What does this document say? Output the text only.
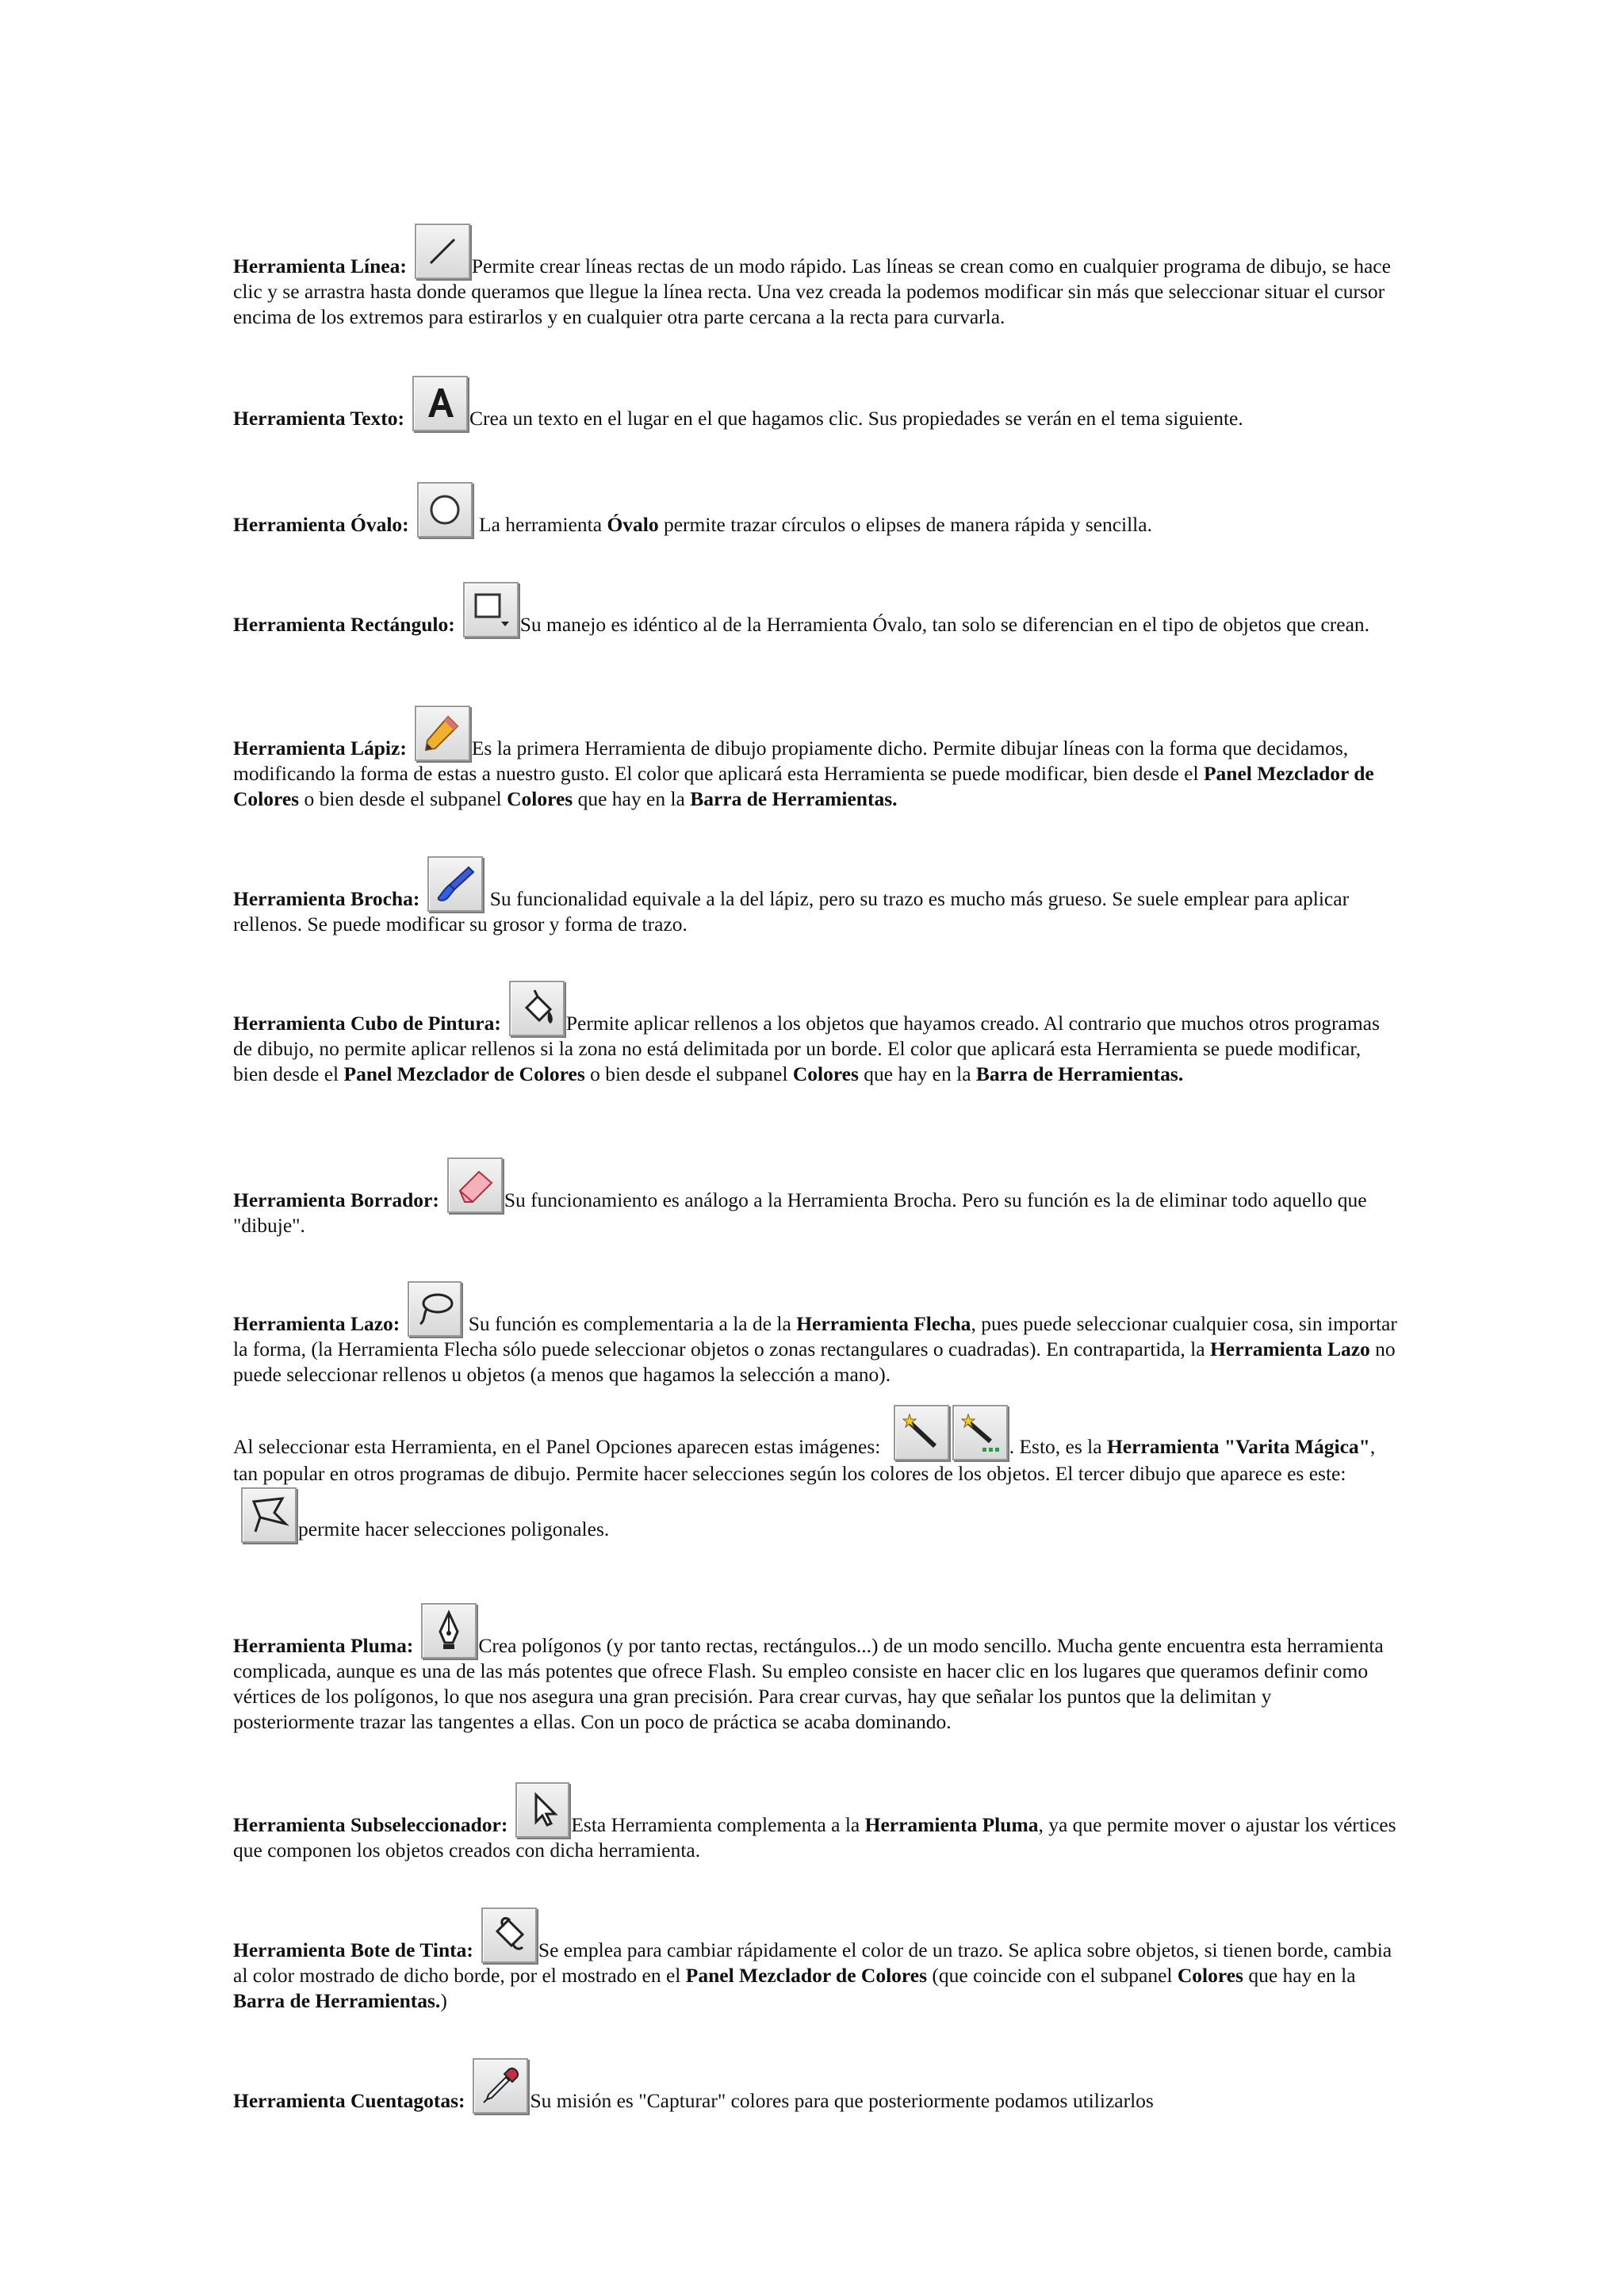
Herramienta Línea:	Permite crear líneas rectas de un modo rápido. Las líneas se crean como en cualquier programa de dibujo, se hace clic y se arrastra hasta donde queramos que llegue la línea recta. Una vez creada la podemos modificar sin más que seleccionar situar el cursor encima de los extremos para estirarlos y en cualquier otra parte cercana a la recta para curvarla.

Herramienta Texto:	Crea un texto en el lugar en el que hagamos clic. Sus propiedades se verán en el tema siguiente.

Herramienta Óvalo:	La herramienta Óvalo permite trazar círculos o elipses de manera rápida y sencilla.

Herramienta Rectángulo:	Su manejo es idéntico al de la Herramienta Óvalo, tan solo se diferencian en el tipo de objetos que crean.

Herramienta Lápiz:	Es la primera Herramienta de dibujo propiamente dicho. Permite dibujar líneas con la forma que decidamos, modificando la forma de estas a nuestro gusto. El color que aplicará esta Herramienta se puede modificar, bien desde el Panel Mezclador de Colores o bien desde el subpanel Colores que hay en la Barra de Herramientas.

Herramienta Brocha:	Su funcionalidad equivale a la del lápiz, pero su trazo es mucho más grueso. Se suele emplear para aplicar rellenos. Se puede modificar su grosor y forma de trazo.

Herramienta Cubo de Pintura:	Permite aplicar rellenos a los objetos que hayamos creado. Al contrario que muchos otros programas de dibujo, no permite aplicar rellenos si la zona no está delimitada por un borde. El color que aplicará esta Herramienta se puede modificar, bien desde el Panel Mezclador de Colores o bien desde el subpanel Colores que hay en la Barra de Herramientas.

Herramienta Borrador:	Su funcionamiento es análogo a la Herramienta Brocha. Pero su función es la de eliminar todo aquello que "dibuje".

Herramienta Lazo:	Su función es complementaria a la de la Herramienta Flecha, pues puede seleccionar cualquier cosa, sin importar la forma, (la Herramienta Flecha sólo puede seleccionar objetos o zonas rectangulares o cuadradas). En contrapartida, la Herramienta Lazo no puede seleccionar rellenos u objetos (a menos que hagamos la selección a mano).

Al seleccionar esta Herramienta, en el Panel Opciones aparecen estas imágenes:	. Esto, es la Herramienta "Varita Mágica", tan popular en otros programas de dibujo. Permite hacer selecciones según los colores de los objetos. El tercer dibujo que aparece es este:
permite hacer selecciones poligonales.

Herramienta Pluma:	Crea polígonos (y por tanto rectas, rectángulos...) de un modo sencillo. Mucha gente encuentra esta herramienta complicada, aunque es una de las más potentes que ofrece Flash. Su empleo consiste en hacer clic en los lugares que queramos definir como vértices de los polígonos, lo que nos asegura una gran precisión. Para crear curvas, hay que señalar los puntos que la delimitan y posteriormente trazar las tangentes a ellas. Con un poco de práctica se acaba dominando.

Herramienta Subseleccionador:	Esta Herramienta complementa a la Herramienta Pluma, ya que permite mover o ajustar los vértices que componen los objetos creados con dicha herramienta.

Herramienta Bote de Tinta:	Se emplea para cambiar rápidamente el color de un trazo. Se aplica sobre objetos, si tienen borde, cambia al color mostrado de dicho borde, por el mostrado en el Panel Mezclador de Colores (que coincide con el subpanel Colores que hay en la Barra de Herramientas.)

Herramienta Cuentagotas:	Su misión es "Capturar" colores para que posteriormente podamos utilizarlos
